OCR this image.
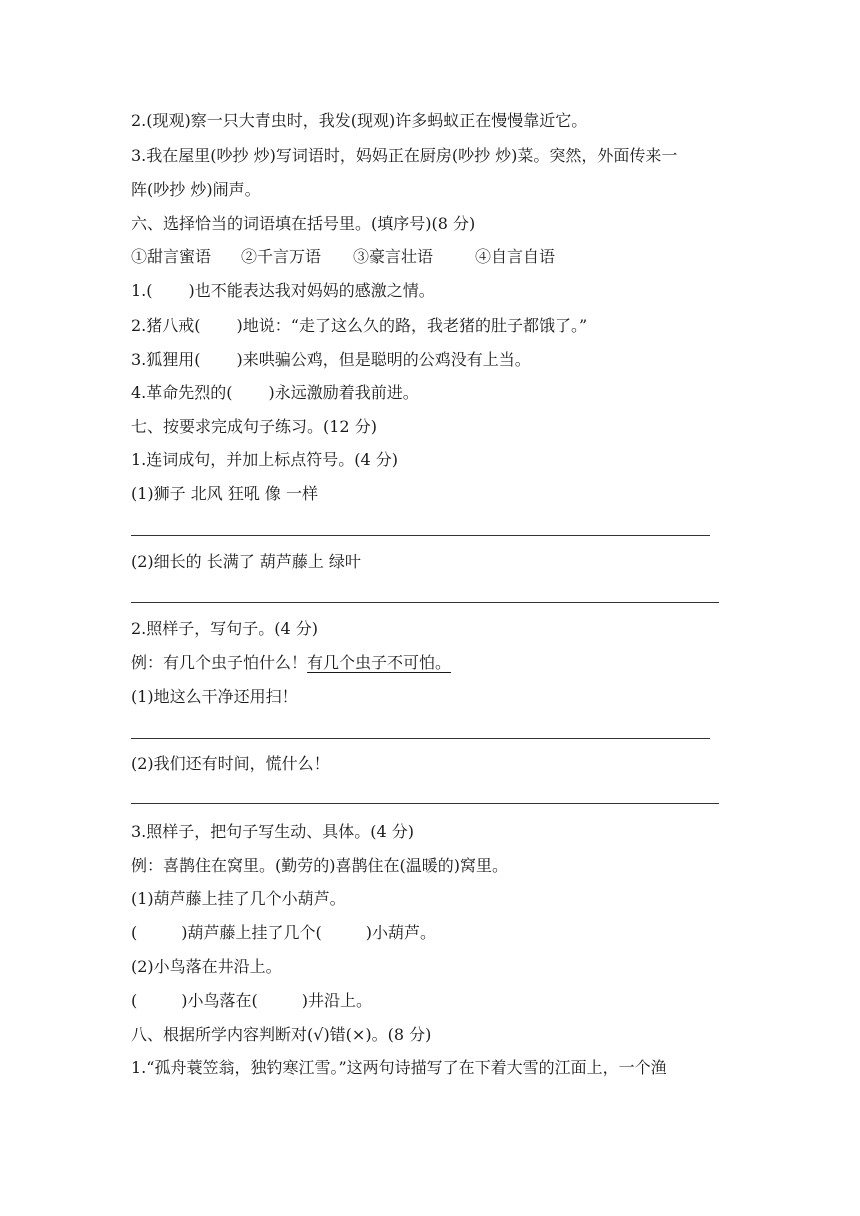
2.(现观)察一只大青虫时，我发(现观)许多蚂蚁正在慢慢靠近它。
3.我在屋里(吵抄 炒)写词语时，妈妈正在厨房(吵抄 炒)菜。突然，外面传来一
阵(吵抄 炒)闹声。
六、选择恰当的词语填在括号里。(填序号)(8 分)
①甜言蜜语 ②千言万语 ③豪言壮语	④自言自语
1.( )也不能表达我对妈妈的感激之情。
2.猪八戒( )地说：“走了这么久的路，我老猪的肚子都饿了。”
3.狐狸用( )来哄骗公鸡，但是聪明的公鸡没有上当。
4.革命先烈的( )永远激励着我前进。
七、按要求完成句子练习。(12 分)
1.连词成句，并加上标点符号。(4 分)
(1)狮子 北风 狂吼 像 一样
(2)细长的 长满了 葫芦藤上 绿叶
2.照样子，写句子。(4 分)
例：有几个虫子怕什么！有几个虫子不可怕。
(1)地这么干净还用扫！
(2)我们还有时间，慌什么！
3.照样子，把句子写生动、具体。(4 分)
例：喜鹊住在窝里。(勤劳的)喜鹊住在(温暖的)窝里。
(1)葫芦藤上挂了几个小葫芦。
(	)葫芦藤上挂了几个(	)小葫芦。
(2)小鸟落在井沿上。
(	)小鸟落在(	)井沿上。
八、根据所学内容判断对(√)错(×)。(8 分)
1.“孤舟蓑笠翁，独钓寒江雪。”这两句诗描写了在下着大雪的江面上，一个渔
